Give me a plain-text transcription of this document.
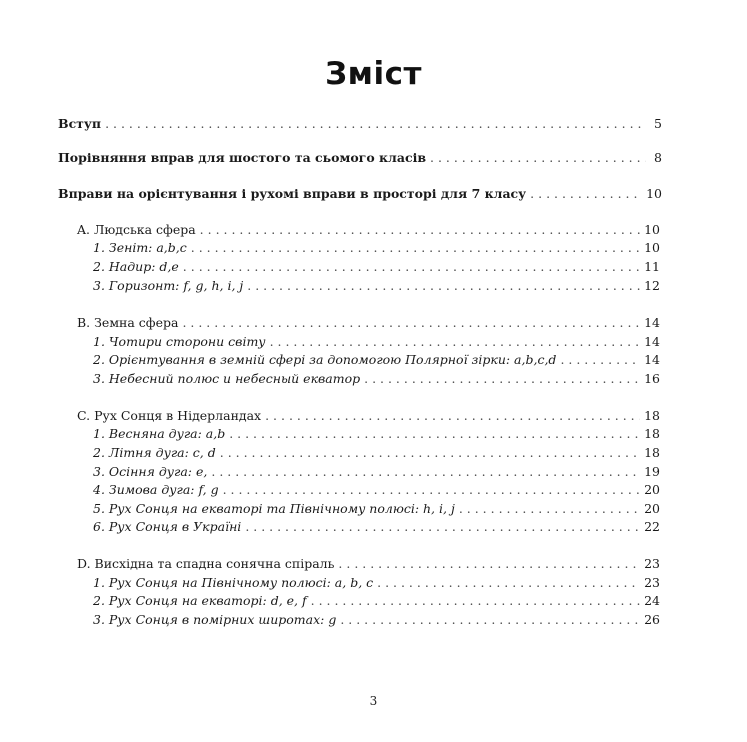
Зміст
Вступ . . .	5
Порівняння вправ для шостого та сьомого класів . . .	8
Вправи на орієнтування і рухомі вправи в просторі для 7 класу . . .	10
A. Людська сфера . . .	10
1. Зеніт: a,b,c . . .	10
2. Надир: d,e . . .	11
3. Горизонт: f, g, h, i, j . . .	12
B. Земна сфера . . .	14
1. Чотири сторони світу . . .	14
2. Орієнтування в земній сфері за допомогою Полярної зірки: a,b,c,d . . .	14
3. Небесний полюс и небесный екватор . . .	16
C. Рух Сонця в Нідерландах . . .	18
1. Весняна дуга: a,b . . .	18
2. Літня дуга: c, d . . .	18
3. Осіння дуга: e, . . .	19
4. Зимова дуга: f, g . . .	20
5. Рух Сонця на екваторі та Північному полюсі: h, i, j . . .	20
6. Рух Сонця в Україні . . .	22
D. Висхідна та спадна сонячна спіраль . . .	23
1. Рух Сонця на Північному полюсі: a, b, c . . .	23
2. Рух Сонця на екваторі: d, e, f . . .	24
3. Рух Сонця в помірних широтах: g . . .	26
3
